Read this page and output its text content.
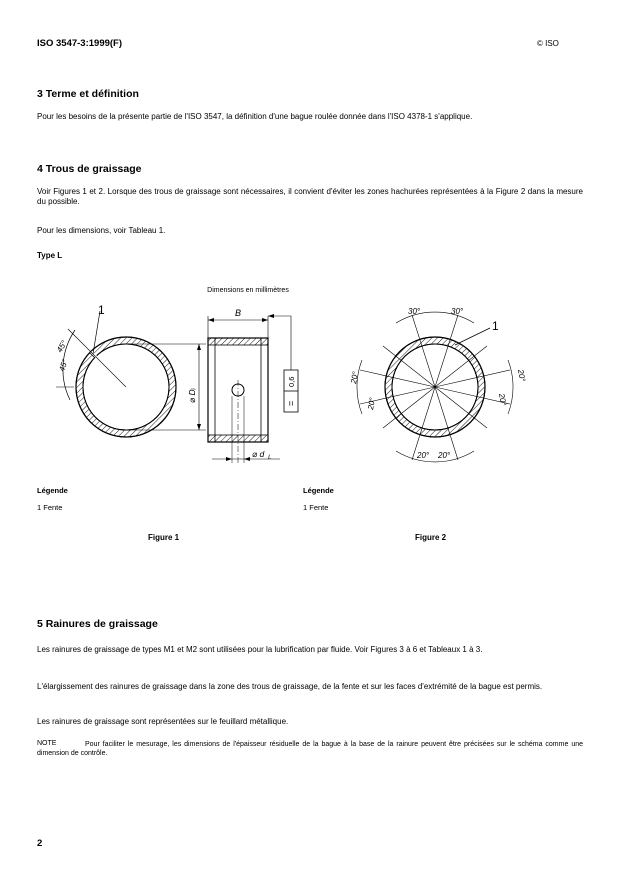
ISO 3547-3:1999(F)	© ISO
3 Terme et définition

Pour les besoins de la présente partie de l'ISO 3547, la définition d'une bague roulée donnée dans l'ISO 4378-1 s'applique.

4 Trous de graissage

Voir Figures 1 et 2. Lorsque des trous de graissage sont nécessaires, il convient d'éviter les zones hachurées représentées à la Figure 2 dans la mesure du possible.

Pour les dimensions, voir Tableau 1.

Type L

Dimensions en millimètres
1
45°
45°
B
⌀ Dᵢ
⌀ d L
0,6
=
30°	30°
20°
20°
20°
20°
20° 20°
1
Légende
1 Fente
Figure 1
Légende
1 Fente
Figure 2
5 Rainures de graissage

Les rainures de graissage de types M1 et M2 sont utilisées pour la lubrification par fluide. Voir Figures 3 à 6 et Tableaux 1 à 3.

L'élargissement des rainures de graissage dans la zone des trous de graissage, de la fente et sur les faces d'extrémité de la bague est permis.

Les rainures de graissage sont représentées sur le feuillard métallique.

NOTE	Pour faciliter le mesurage, les dimensions de l'épaisseur résiduelle de la bague à la base de la rainure peuvent être précisées sur le schéma comme une dimension de contrôle.

2
